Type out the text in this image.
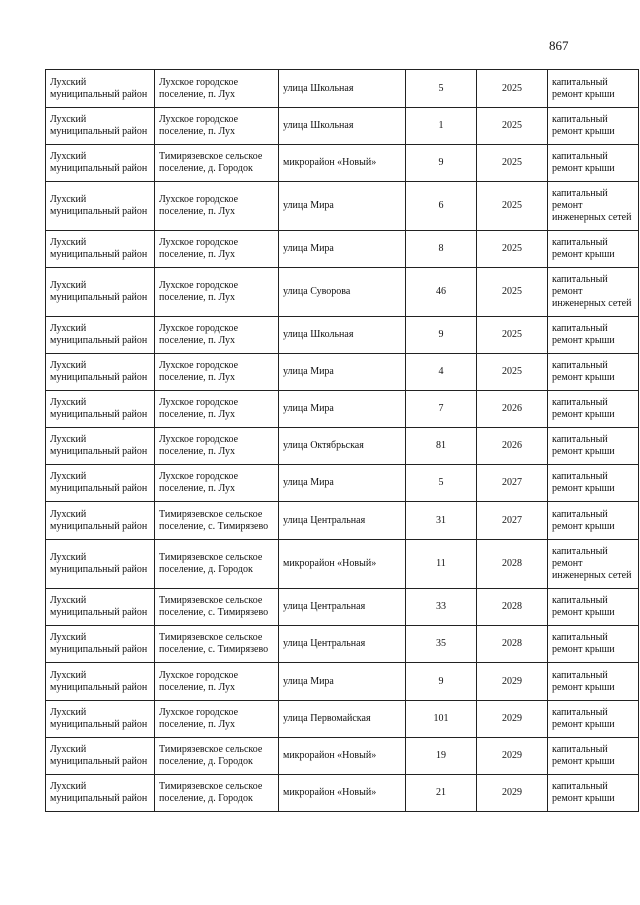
867
Лухский муниципальный район	Лухское городское поселение, п. Лух	улица Школьная	5	2025	капитальный ремонт крыши
Лухский муниципальный район	Лухское городское поселение, п. Лух	улица Школьная	1	2025	капитальный ремонт крыши
Лухский муниципальный район	Тимирязевское сельское поселение, д. Городок	микрорайон «Новый»	9	2025	капитальный ремонт крыши
Лухский муниципальный район	Лухское городское поселение, п. Лух	улица Мира	6	2025	капитальный ремонт инженерных сетей
Лухский муниципальный район	Лухское городское поселение, п. Лух	улица Мира	8	2025	капитальный ремонт крыши
Лухский муниципальный район	Лухское городское поселение, п. Лух	улица Суворова	46	2025	капитальный ремонт инженерных сетей
Лухский муниципальный район	Лухское городское поселение, п. Лух	улица Школьная	9	2025	капитальный ремонт крыши
Лухский муниципальный район	Лухское городское поселение, п. Лух	улица Мира	4	2025	капитальный ремонт крыши
Лухский муниципальный район	Лухское городское поселение, п. Лух	улица Мира	7	2026	капитальный ремонт крыши
Лухский муниципальный район	Лухское городское поселение, п. Лух	улица Октябрьская	81	2026	капитальный ремонт крыши
Лухский муниципальный район	Лухское городское поселение, п. Лух	улица Мира	5	2027	капитальный ремонт крыши
Лухский муниципальный район	Тимирязевское сельское поселение, с. Тимирязево	улица Центральная	31	2027	капитальный ремонт крыши
Лухский муниципальный район	Тимирязевское сельское поселение, д. Городок	микрорайон «Новый»	11	2028	капитальный ремонт инженерных сетей
Лухский муниципальный район	Тимирязевское сельское поселение, с. Тимирязево	улица Центральная	33	2028	капитальный ремонт крыши
Лухский муниципальный район	Тимирязевское сельское поселение, с. Тимирязево	улица Центральная	35	2028	капитальный ремонт крыши
Лухский муниципальный район	Лухское городское поселение, п. Лух	улица Мира	9	2029	капитальный ремонт крыши
Лухский муниципальный район	Лухское городское поселение, п. Лух	улица Первомайская	101	2029	капитальный ремонт крыши
Лухский муниципальный район	Тимирязевское сельское поселение, д. Городок	микрорайон «Новый»	19	2029	капитальный ремонт крыши
Лухский муниципальный район	Тимирязевское сельское поселение, д. Городок	микрорайон «Новый»	21	2029	капитальный ремонт крыши
